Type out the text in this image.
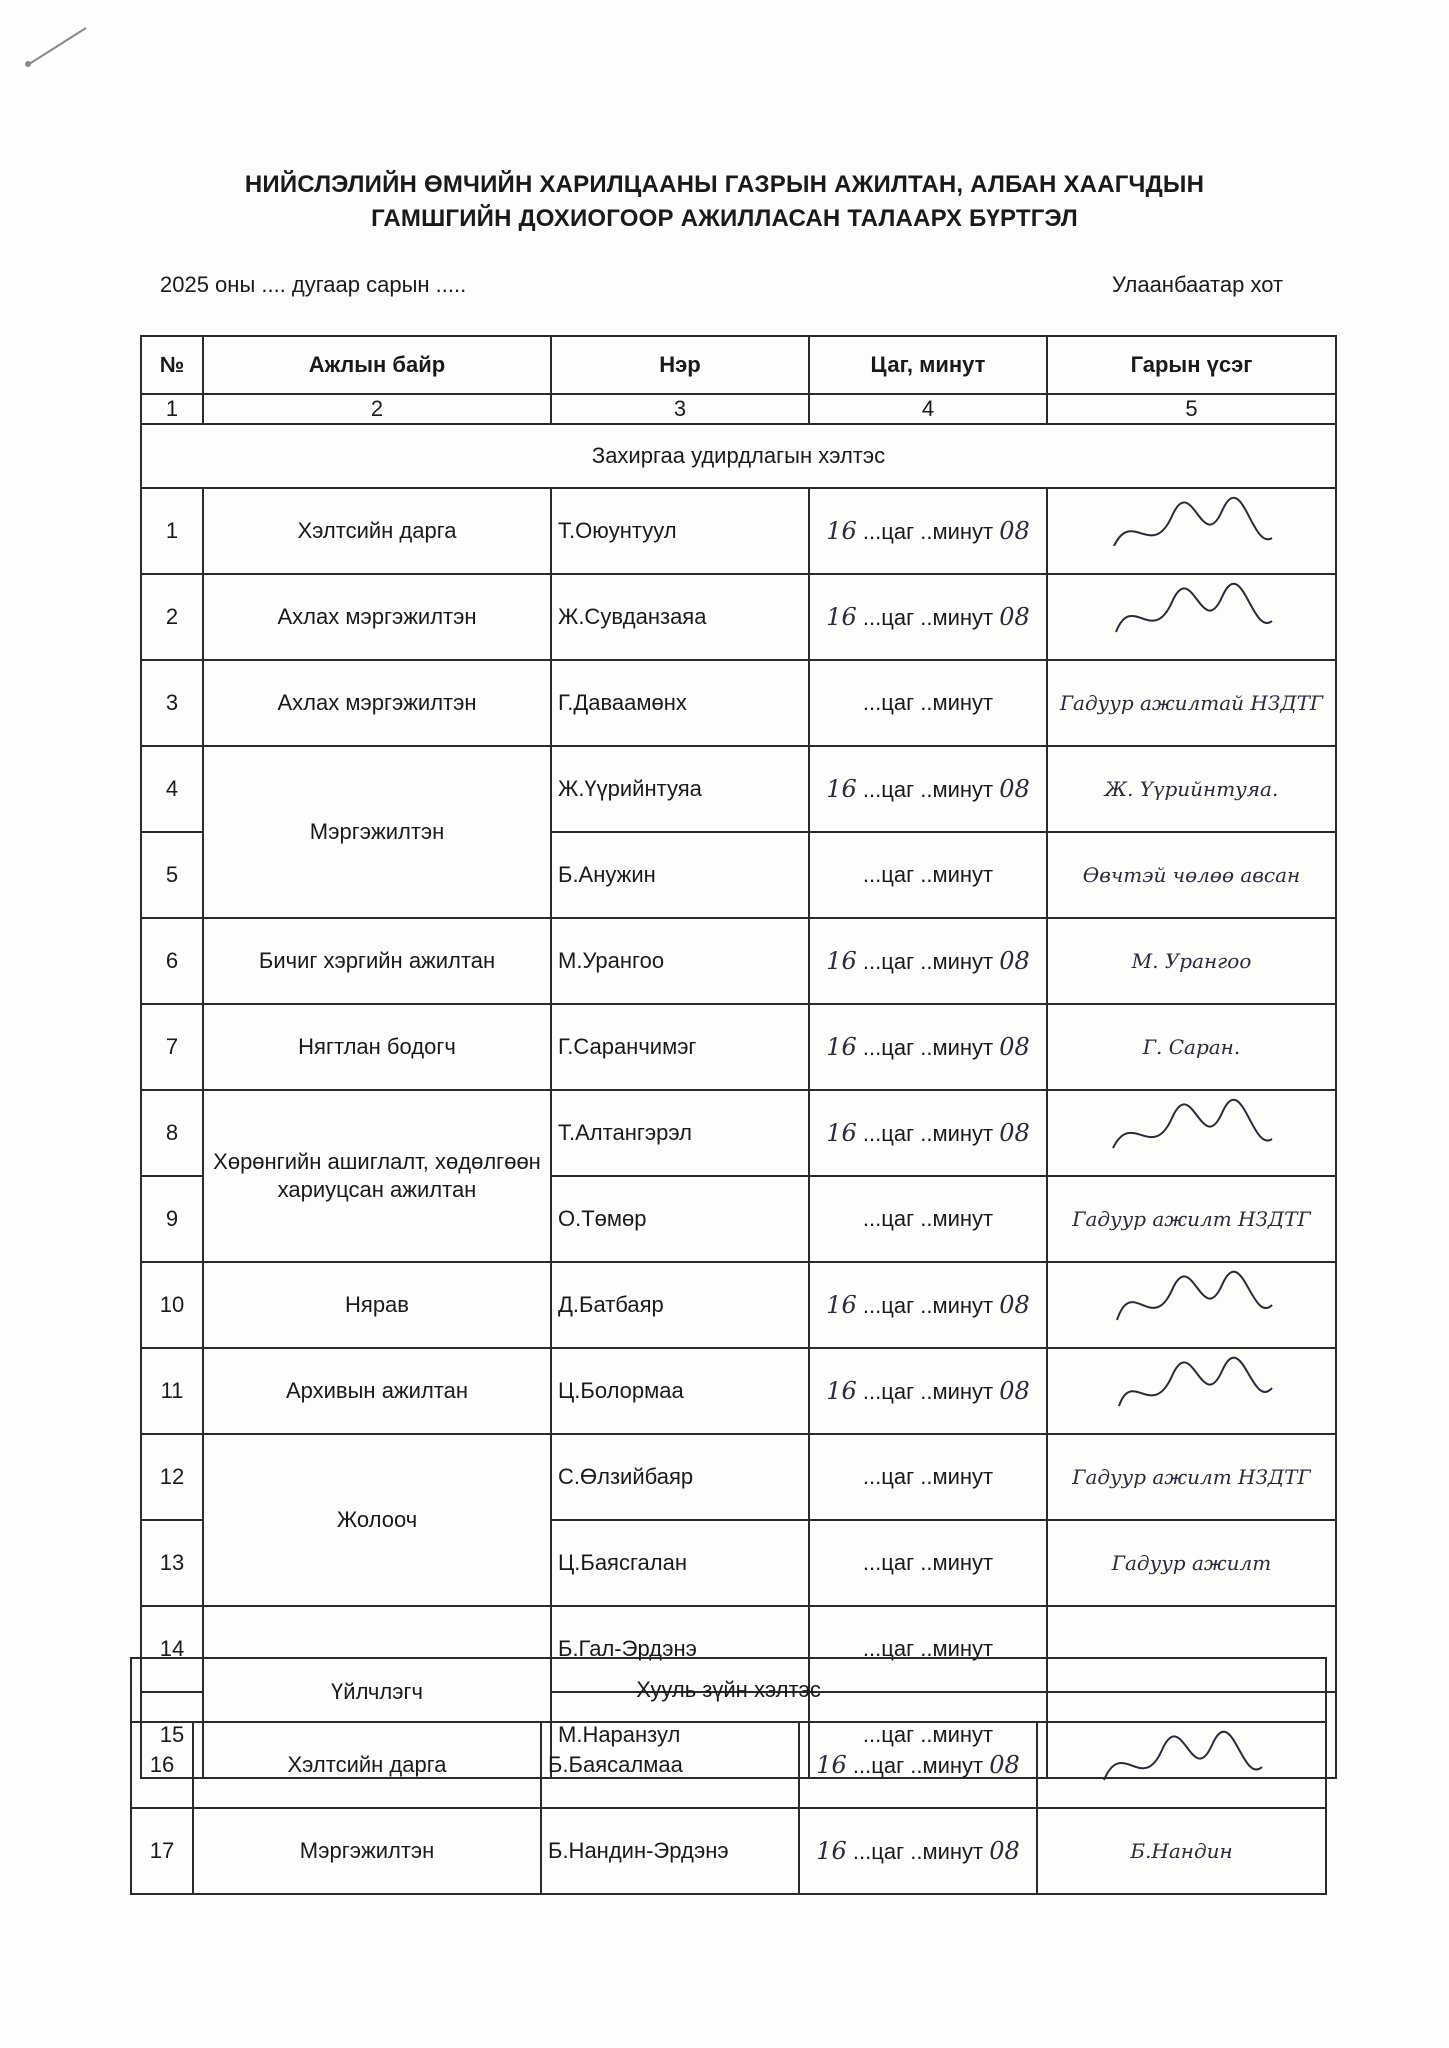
НИЙСЛЭЛИЙН ӨМЧИЙН ХАРИЛЦААНЫ ГАЗРЫН АЖИЛТАН, АЛБАН ХААГЧДЫН
ГАМШГИЙН ДОХИОГООР АЖИЛЛАСАН ТАЛААРХ БҮРТГЭЛ
2025 оны .... дугаар сарын .....	Улаанбаатар хот
№	Ажлын байр	Нэр	Цаг, минут	Гарын үсэг
1	2	3	4	5
Захиргаа удирдлагын хэлтэс				
1	Хэлтсийн дарга	Т.Оюунтуул	16 ...цаг ..минут 08	

2	Ахлах мэргэжилтэн	Ж.Сувданзаяа	16 ...цаг ..минут 08	

3	Ахлах мэргэжилтэн	Г.Даваамөнх	...цаг ..минут	Гадуур ажилтай НЗДТГ
4	Мэргэжилтэн	Ж.Үүрийнтуяа	16 ...цаг ..минут 08	Ж. Үүрийнтуяа.
5		Б.Анужин	...цаг ..минут	Өвчтэй чөлөө авсан
6	Бичиг хэргийн ажилтан	М.Урангоо	16 ...цаг ..минут 08	М. Урангоо
7	Нягтлан бодогч	Г.Саранчимэг	16 ...цаг ..минут 08	Г. Саран.
8	Хөрөнгийн ашиглалт, хөдөлгөөн хариуцсан ажилтан	Т.Алтангэрэл	16 ...цаг ..минут 08	

9		О.Төмөр	...цаг ..минут	Гадуур ажилт НЗДТГ
10	Нярав	Д.Батбаяр	16 ...цаг ..минут 08	

11	Архивын ажилтан	Ц.Болормаа	16 ...цаг ..минут 08	

12	Жолооч	С.Өлзийбаяр	...цаг ..минут	Гадуур ажилт НЗДТГ
13		Ц.Баясгалан	...цаг ..минут	Гадуур ажилт
14	Үйлчлэгч	Б.Гал-Эрдэнэ	...цаг ..минут	
15		М.Наранзул	...цаг ..минут	
Хууль зүйн хэлтэс				
16	Хэлтсийн дарга	Б.Баясалмаа	16 ...цаг ..минут 08	

17	Мэргэжилтэн	Б.Нандин-Эрдэнэ	16 ...цаг ..минут 08	Б.Нандин
